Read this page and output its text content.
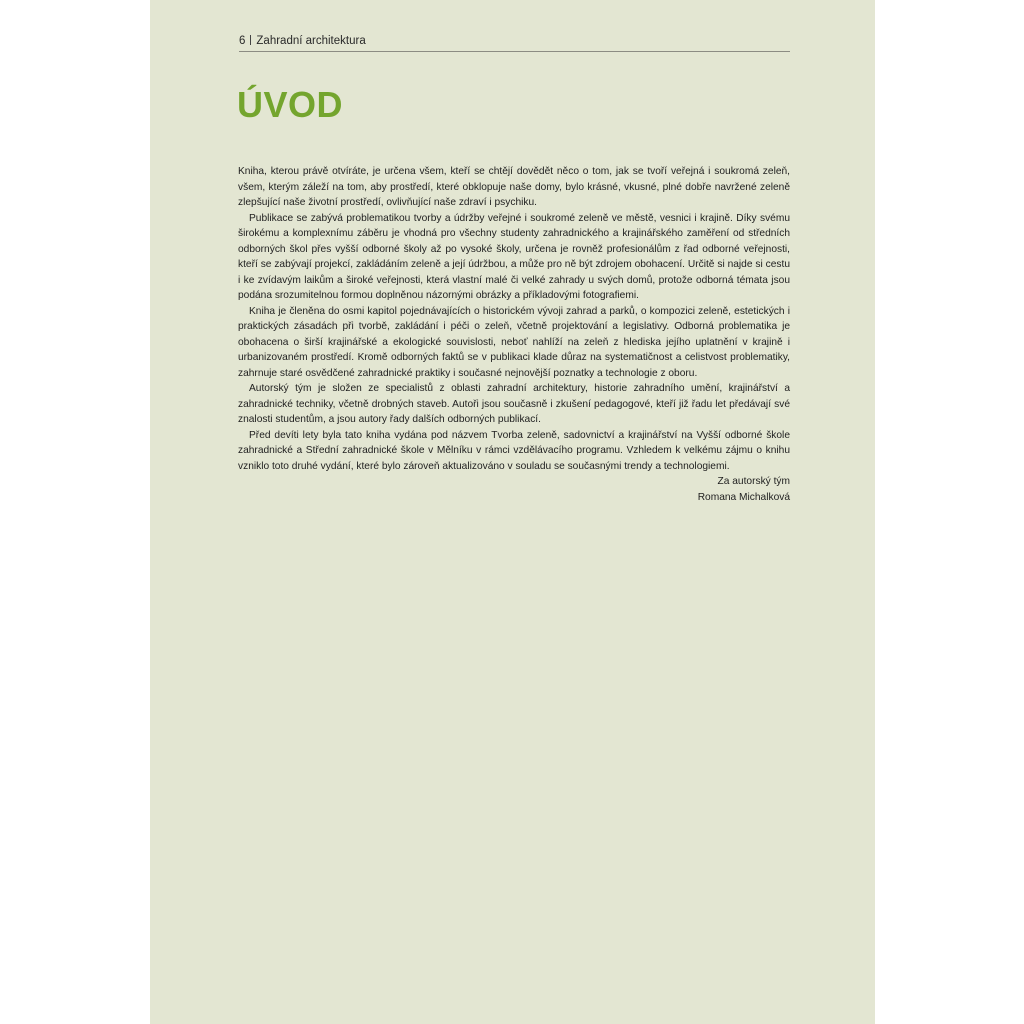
6 Zahradní architektura
ÚVOD

Kniha, kterou právě otvíráte, je určena všem, kteří se chtějí dovědět něco o tom, jak se tvoří veřejná i soukromá zeleň, všem, kterým záleží na tom, aby prostředí, které obklopuje naše domy, bylo krásné, vkusné, plné dobře navržené zeleně zlepšující naše životní prostředí, ovlivňující naše zdraví i psychiku.

Publikace se zabývá problematikou tvorby a údržby veřejné i soukromé zeleně ve městě, vesnici i krajině. Díky svému širokému a komplexnímu záběru je vhodná pro všechny studenty zahradnického a krajinářského zaměření od středních odborných škol přes vyšší odborné školy až po vysoké školy, určena je rovněž profesionálům z řad odborné veřejnosti, kteří se zabývají projekcí, zakládáním zeleně a její údržbou, a může pro ně být zdrojem obohacení. Určitě si najde si cestu i ke zvídavým laikům a široké veřejnosti, která vlastní malé či velké zahrady u svých domů, protože odborná témata jsou podána srozumitelnou formou doplněnou názornými obrázky a příkladovými fotografiemi.

Kniha je členěna do osmi kapitol pojednávajících o historickém vývoji zahrad a parků, o kompozici zeleně, estetických i praktických zásadách při tvorbě, zakládání i péči o zeleň, včetně projektování a legislativy. Odborná problematika je obohacena o širší krajinářské a ekologické souvislosti, neboť nahlíží na zeleň z hlediska jejího uplatnění v krajině i urbanizovaném prostředí. Kromě odborných faktů se v publikaci klade důraz na systematičnost a celistvost problematiky, zahrnuje staré osvědčené zahradnické praktiky i současné nejnovější poznatky a technologie z oboru.

Autorský tým je složen ze specialistů z oblasti zahradní architektury, historie zahradního umění, krajinářství a zahradnické techniky, včetně drobných staveb. Autoři jsou současně i zkušení pedagogové, kteří již řadu let předávají své znalosti studentům, a jsou autory řady dalších odborných publikací.

Před devíti lety byla tato kniha vydána pod názvem Tvorba zeleně, sadovnictví a krajinářství na Vyšší odborné škole zahradnické a Střední zahradnické škole v Mělníku v rámci vzdělávacího programu. Vzhledem k velkému zájmu o knihu vzniklo toto druhé vydání, které bylo zároveň aktualizováno v souladu se současnými trendy a technologiemi.

Za autorský tým
Romana Michalková
